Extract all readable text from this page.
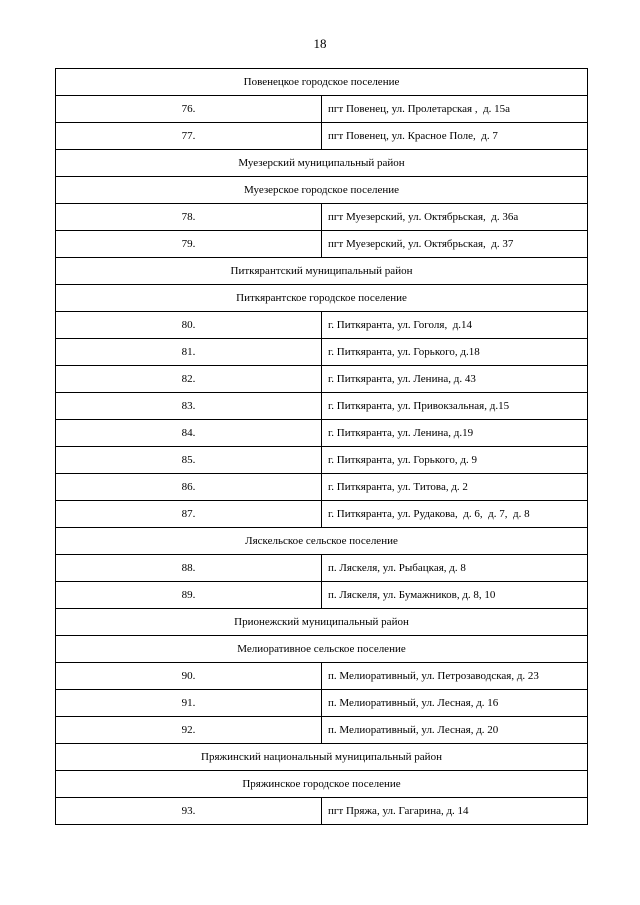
18
Повенецкое городское поселение	
76.	пгт Повенец, ул. Пролетарская ,  д. 15а
77.	пгт Повенец, ул. Красное Поле,  д. 7
Муезерский муниципальный район	
Муезерское городское поселение	
78.	пгт Муезерский, ул. Октябрьская,  д. 36а
79.	пгт Муезерский, ул. Октябрьская,  д. 37
Питкярантский муниципальный район	
Питкярантское городское поселение	
80.	г. Питкяранта, ул. Гоголя,  д.14
81.	г. Питкяранта, ул. Горького, д.18
82.	г. Питкяранта, ул. Ленина, д. 43
83.	г. Питкяранта, ул. Привокзальная, д.15
84.	г. Питкяранта, ул. Ленина, д.19
85.	г. Питкяранта, ул. Горького, д. 9
86.	г. Питкяранта, ул. Титова, д. 2
87.	г. Питкяранта, ул. Рудакова,  д. 6,  д. 7,  д. 8
Ляскельское сельское поселение	
88.	п. Ляскеля, ул. Рыбацкая, д. 8
89.	п. Ляскеля, ул. Бумажников, д. 8, 10
Прионежский муниципальный район	
Мелиоративное сельское поселение	
90.	п. Мелиоративный, ул. Петрозаводская, д. 23
91.	п. Мелиоративный, ул. Лесная, д. 16
92.	п. Мелиоративный, ул. Лесная, д. 20
Пряжинский национальный муниципальный район	
Пряжинское городское поселение	
93.	пгт Пряжа, ул. Гагарина, д. 14
